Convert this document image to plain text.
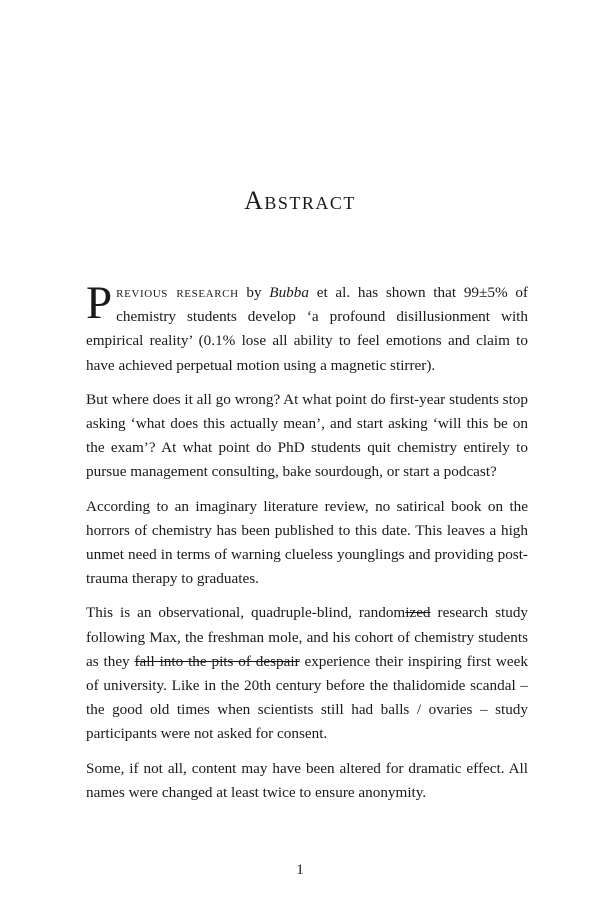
Abstract

Previous research by Bubba et al. has shown that 99±5% of chemistry students develop ‘a profound disillusionment with empirical reality’ (0.1% lose all ability to feel emotions and claim to have achieved perpetual motion using a magnetic stirrer).

But where does it all go wrong? At what point do first-year students stop asking ‘what does this actually mean’, and start asking ‘will this be on the exam’? At what point do PhD students quit chemistry entirely to pursue management consulting, bake sourdough, or start a podcast?

According to an imaginary literature review, no satirical book on the horrors of chemistry has been published to this date. This leaves a high unmet need in terms of warning clueless younglings and providing post-trauma therapy to graduates.

This is an observational, quadruple-blind, randomized research study following Max, the freshman mole, and his cohort of chemistry students as they fall into the pits of despair experience their inspiring first week of university. Like in the 20th century before the thalidomide scandal – the good old times when scientists still had balls / ovaries – study participants were not asked for consent.

Some, if not all, content may have been altered for dramatic effect. All names were changed at least twice to ensure anonymity.

1
